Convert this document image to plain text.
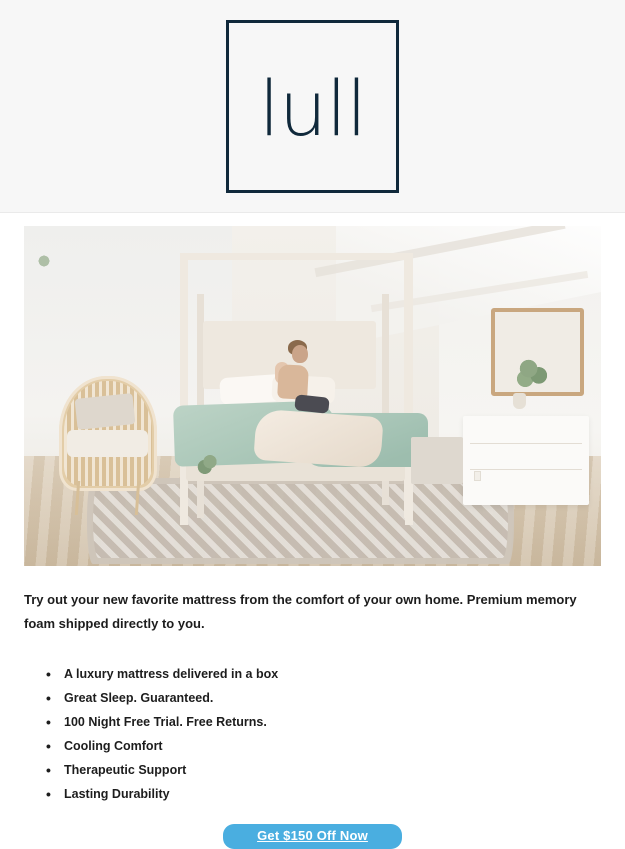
lull

Try out your new favorite mattress from the comfort of your own home. Premium memory foam shipped directly to you.

• A luxury mattress delivered in a box
• Great Sleep. Guaranteed.
• 100 Night Free Trial. Free Returns.
• Cooling Comfort
• Therapeutic Support
• Lasting Durability
Get $150 Off Now
